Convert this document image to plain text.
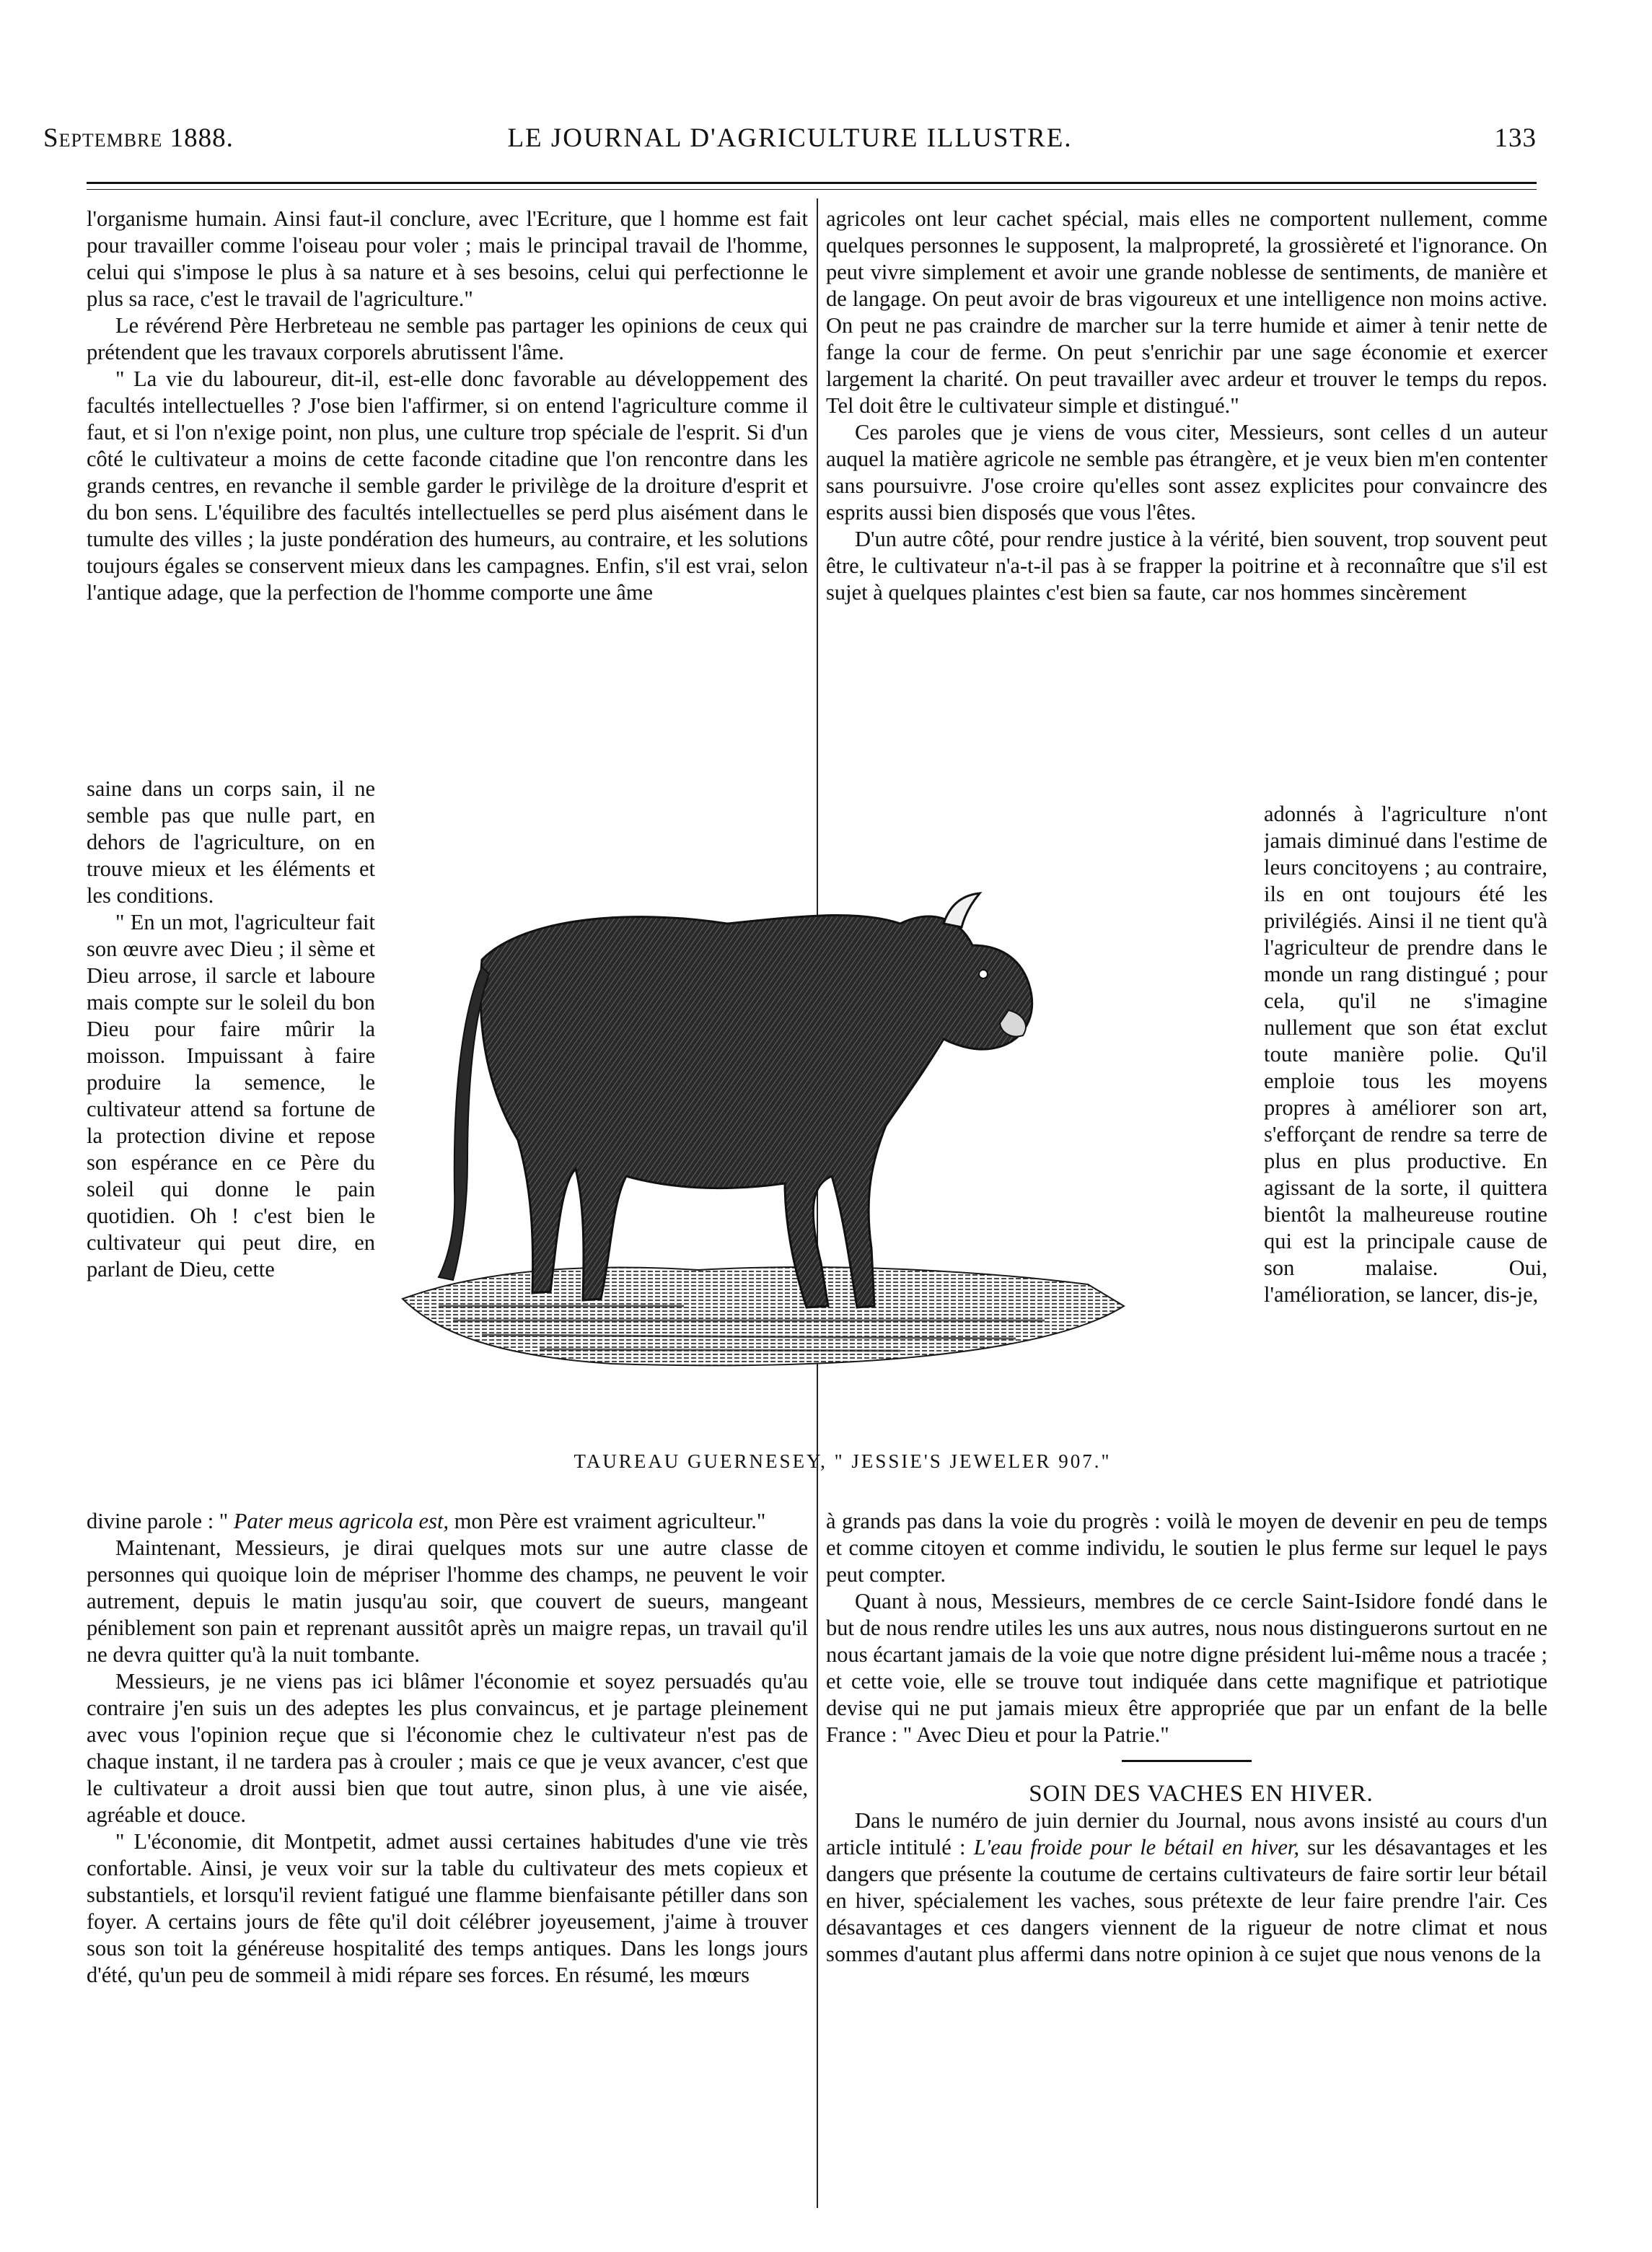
Septembre 1888.	LE JOURNAL D'AGRICULTURE ILLUSTRE.	133

l'organisme humain. Ainsi faut-il conclure, avec l'Ecriture, que l homme est fait pour travailler comme l'oiseau pour voler ; mais le principal travail de l'homme, celui qui s'impose le plus à sa nature et à ses besoins, celui qui perfectionne le plus sa race, c'est le travail de l'agriculture."

Le révérend Père Herbreteau ne semble pas partager les opinions de ceux qui prétendent que les travaux corporels abrutissent l'âme.

" La vie du laboureur, dit-il, est-elle donc favorable au développement des facultés intellectuelles ? J'ose bien l'affirmer, si on entend l'agriculture comme il faut, et si l'on n'exige point, non plus, une culture trop spéciale de l'esprit. Si d'un côté le cultivateur a moins de cette faconde citadine que l'on rencontre dans les grands centres, en revanche il semble garder le privilège de la droiture d'esprit et du bon sens. L'équilibre des facultés intellectuelles se perd plus aisément dans le tumulte des villes ; la juste pondération des humeurs, au contraire, et les solutions toujours égales se conservent mieux dans les campagnes. Enfin, s'il est vrai, selon l'antique adage, que la perfection de l'homme comporte une âme

saine dans un corps sain, il ne semble pas que nulle part, en dehors de l'agriculture, on en trouve mieux et les éléments et les conditions.

" En un mot, l'agriculteur fait son œuvre avec Dieu ; il sème et Dieu arrose, il sarcle et laboure mais compte sur le soleil du bon Dieu pour faire mûrir la moisson. Impuissant à faire produire la semence, le cultivateur attend sa fortune de la protection divine et repose son espérance en ce Père du soleil qui donne le pain quotidien. Oh ! c'est bien le cultivateur qui peut dire, en parlant de Dieu, cette

divine parole : " Pater meus agricola est, mon Père est vraiment agriculteur."

Maintenant, Messieurs, je dirai quelques mots sur une autre classe de personnes qui quoique loin de mépriser l'homme des champs, ne peuvent le voir autrement, depuis le matin jusqu'au soir, que couvert de sueurs, mangeant péniblement son pain et reprenant aussitôt après un maigre repas, un travail qu'il ne devra quitter qu'à la nuit tombante.

Messieurs, je ne viens pas ici blâmer l'économie et soyez persuadés qu'au contraire j'en suis un des adeptes les plus convaincus, et je partage pleinement avec vous l'opinion reçue que si l'économie chez le cultivateur n'est pas de chaque instant, il ne tardera pas à crouler ; mais ce que je veux avancer, c'est que le cultivateur a droit aussi bien que tout autre, sinon plus, à une vie aisée, agréable et douce.

" L'économie, dit Montpetit, admet aussi certaines habitudes d'une vie très confortable. Ainsi, je veux voir sur la table du cultivateur des mets copieux et substantiels, et lorsqu'il revient fatigué une flamme bienfaisante pétiller dans son foyer. A certains jours de fête qu'il doit célébrer joyeusement, j'aime à trouver sous son toit la généreuse hospitalité des temps antiques. Dans les longs jours d'été, qu'un peu de sommeil à midi répare ses forces. En résumé, les mœurs

agricoles ont leur cachet spécial, mais elles ne comportent nullement, comme quelques personnes le supposent, la malpropreté, la grossièreté et l'ignorance. On peut vivre simplement et avoir une grande noblesse de sentiments, de manière et de langage. On peut avoir de bras vigoureux et une intelligence non moins active. On peut ne pas craindre de marcher sur la terre humide et aimer à tenir nette de fange la cour de ferme. On peut s'enrichir par une sage économie et exercer largement la charité. On peut travailler avec ardeur et trouver le temps du repos. Tel doit être le cultivateur simple et distingué."

Ces paroles que je viens de vous citer, Messieurs, sont celles d un auteur auquel la matière agricole ne semble pas étrangère, et je veux bien m'en contenter sans poursuivre. J'ose croire qu'elles sont assez explicites pour convaincre des esprits aussi bien disposés que vous l'êtes.

D'un autre côté, pour rendre justice à la vérité, bien souvent, trop souvent peut être, le cultivateur n'a-t-il pas à se frapper la poitrine et à reconnaître que s'il est sujet à quelques plaintes c'est bien sa faute, car nos hommes sincèrement

adonnés à l'agriculture n'ont jamais diminué dans l'estime de leurs concitoyens ; au contraire, ils en ont toujours été les privilégiés. Ainsi il ne tient qu'à l'agriculteur de prendre dans le monde un rang distingué ; pour cela, qu'il ne s'imagine nullement que son état exclut toute manière polie. Qu'il emploie tous les moyens propres à améliorer son art, s'efforçant de rendre sa terre de plus en plus productive. En agissant de la sorte, il quittera bientôt la malheureuse routine qui est la principale cause de son malaise. Oui, l'amélioration, se lancer, dis-je,

à grands pas dans la voie du progrès : voilà le moyen de devenir en peu de temps et comme citoyen et comme individu, le soutien le plus ferme sur lequel le pays peut compter.

Quant à nous, Messieurs, membres de ce cercle Saint-Isidore fondé dans le but de nous rendre utiles les uns aux autres, nous nous distinguerons surtout en ne nous écartant jamais de la voie que notre digne président lui-même nous a tracée ; et cette voie, elle se trouve tout indiquée dans cette magnifique et patriotique devise qui ne put jamais mieux être appropriée que par un enfant de la belle France : " Avec Dieu et pour la Patrie."

SOIN DES VACHES EN HIVER.

Dans le numéro de juin dernier du Journal, nous avons insisté au cours d'un article intitulé : L'eau froide pour le bétail en hiver, sur les désavantages et les dangers que présente la coutume de certains cultivateurs de faire sortir leur bétail en hiver, spécialement les vaches, sous prétexte de leur faire prendre l'air. Ces désavantages et ces dangers viennent de la rigueur de notre climat et nous sommes d'autant plus affermi dans notre opinion à ce sujet que nous venons de la

TAUREAU GUERNESEY, " JESSIE'S JEWELER 907."
